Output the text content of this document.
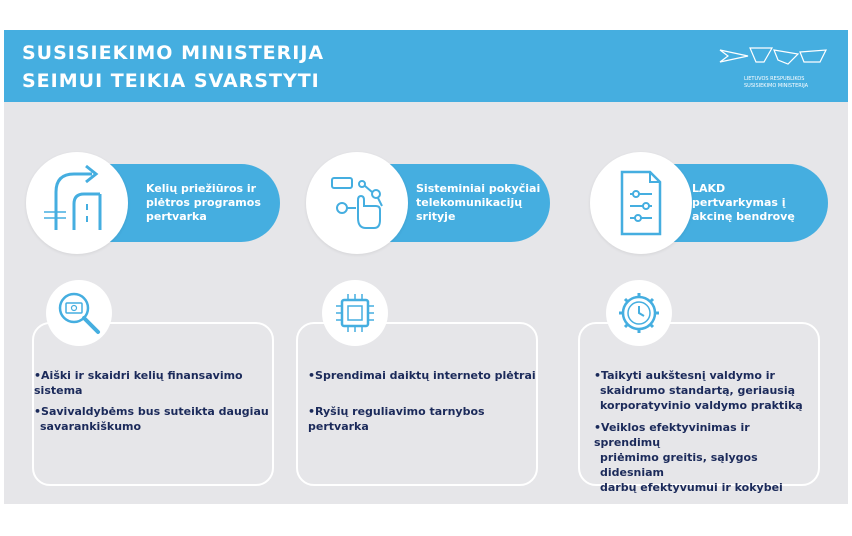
SUSISIEKIMO MINISTERIJA
SEIMUI TEIKIA SVARSTYTI	LIETUVOS RESPUBLIKOS
SUSISIEKIMO MINISTERIJA
Kelių priežiūros ir
plėtros programos
pertvarka
Sisteminiai pokyčiai
telekomunikacijų
srityje
LAKD
pertvarkymas į
akcinę bendrovę
•Aiški ir skaidri kelių finansavimo
sistema
•Savivaldybėms bus suteikta daugiau
savarankiškumo
•Sprendimai daiktų interneto plėtrai
•Ryšių reguliavimo tarnybos pertvarka
•Taikyti aukštesnį valdymo ir
skaidrumo standartą, geriausią
korporatyvinio valdymo praktiką
•Veiklos efektyvinimas ir sprendimų
priėmimo greitis, sąlygos didesniam
darbų efektyvumui ir kokybei
